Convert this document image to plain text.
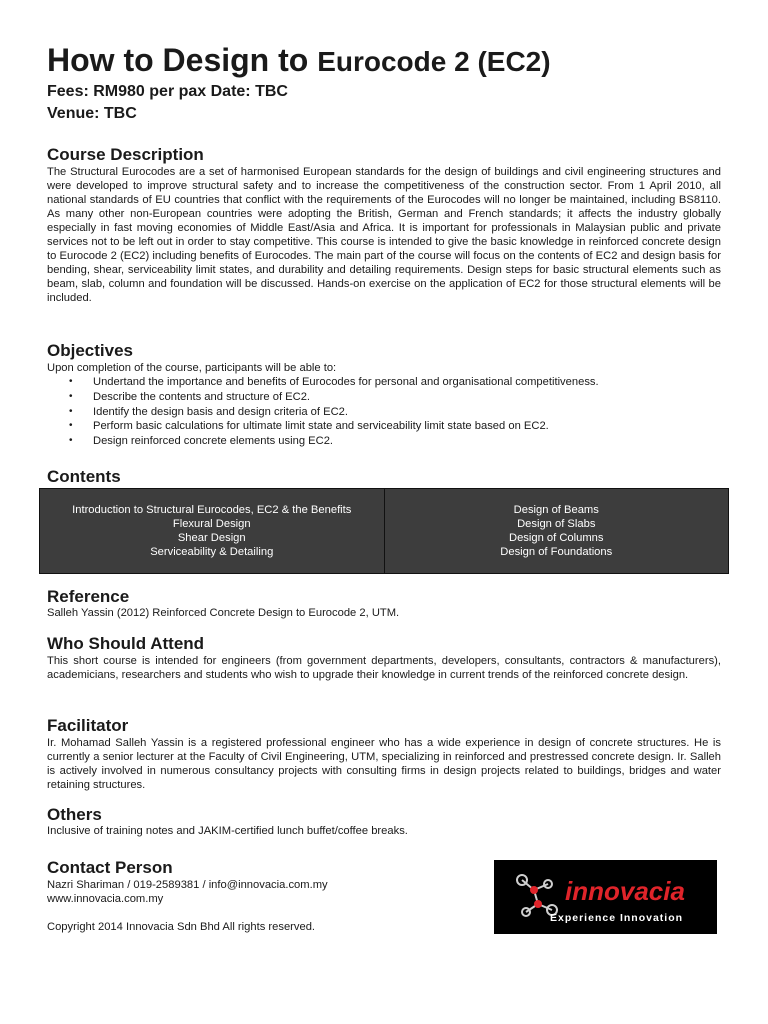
How to Design to Eurocode 2 (EC2)

Fees: RM980 per pax Date: TBC

Venue: TBC

Course Description

The Structural Eurocodes are a set of harmonised European standards for the design of buildings and civil engineering structures and were developed to improve structural safety and to increase the competitiveness of the construction sector. From 1 April 2010, all national standards of EU countries that conflict with the requirements of the Eurocodes will no longer be maintained, including BS8110. As many other non-European countries were adopting the British, German and French standards; it affects the industry globally especially in fast moving economies of Middle East/Asia and Africa. It is important for professionals in Malaysian public and private services not to be left out in order to stay competitive. This course is intended to give the basic knowledge in reinforced concrete design to Eurocode 2 (EC2) including benefits of Eurocodes. The main part of the course will focus on the contents of EC2 and design basis for bending, shear, serviceability limit states, and durability and detailing requirements. Design steps for basic structural elements such as beam, slab, column and foundation will be discussed. Hands-on exercise on the application of EC2 for those structural elements will be included.

Objectives

Upon completion of the course, participants will be able to:

• Undertand the importance and benefits of Eurocodes for personal and organisational competitiveness.
• Describe the contents and structure of EC2.
• Identify the design basis and design criteria of EC2.
• Perform basic calculations for ultimate limit state and serviceability limit state based on EC2.
• Design reinforced concrete elements using EC2.
Contents
Introduction to Structural Eurocodes, EC2 & the Benefits
Flexural Design
Shear Design
Serviceability & Detailing
Design of Beams
Design of Slabs
Design of Columns
Design of Foundations
Reference

Salleh Yassin (2012) Reinforced Concrete Design to Eurocode 2, UTM.

Who Should Attend

This short course is intended for engineers (from government departments, developers, consultants, contractors & manufacturers), academicians, researchers and students who wish to upgrade their knowledge in current trends of the reinforced concrete design.

Facilitator

Ir. Mohamad Salleh Yassin is a registered professional engineer who has a wide experience in design of concrete structures. He is currently a senior lecturer at the Faculty of Civil Engineering, UTM, specializing in reinforced and prestressed concrete design. Ir. Salleh is actively involved in numerous consultancy projects with consulting firms in design projects related to buildings, bridges and water retaining structures.

Others

Inclusive of training notes and JAKIM-certified lunch buffet/coffee breaks.

Contact Person

Nazri Shariman / 019-2589381 / info@innovacia.com.my

www.innovacia.com.my

Copyright 2014 Innovacia Sdn Bhd All rights reserved.

innovacia

Experience Innovation
